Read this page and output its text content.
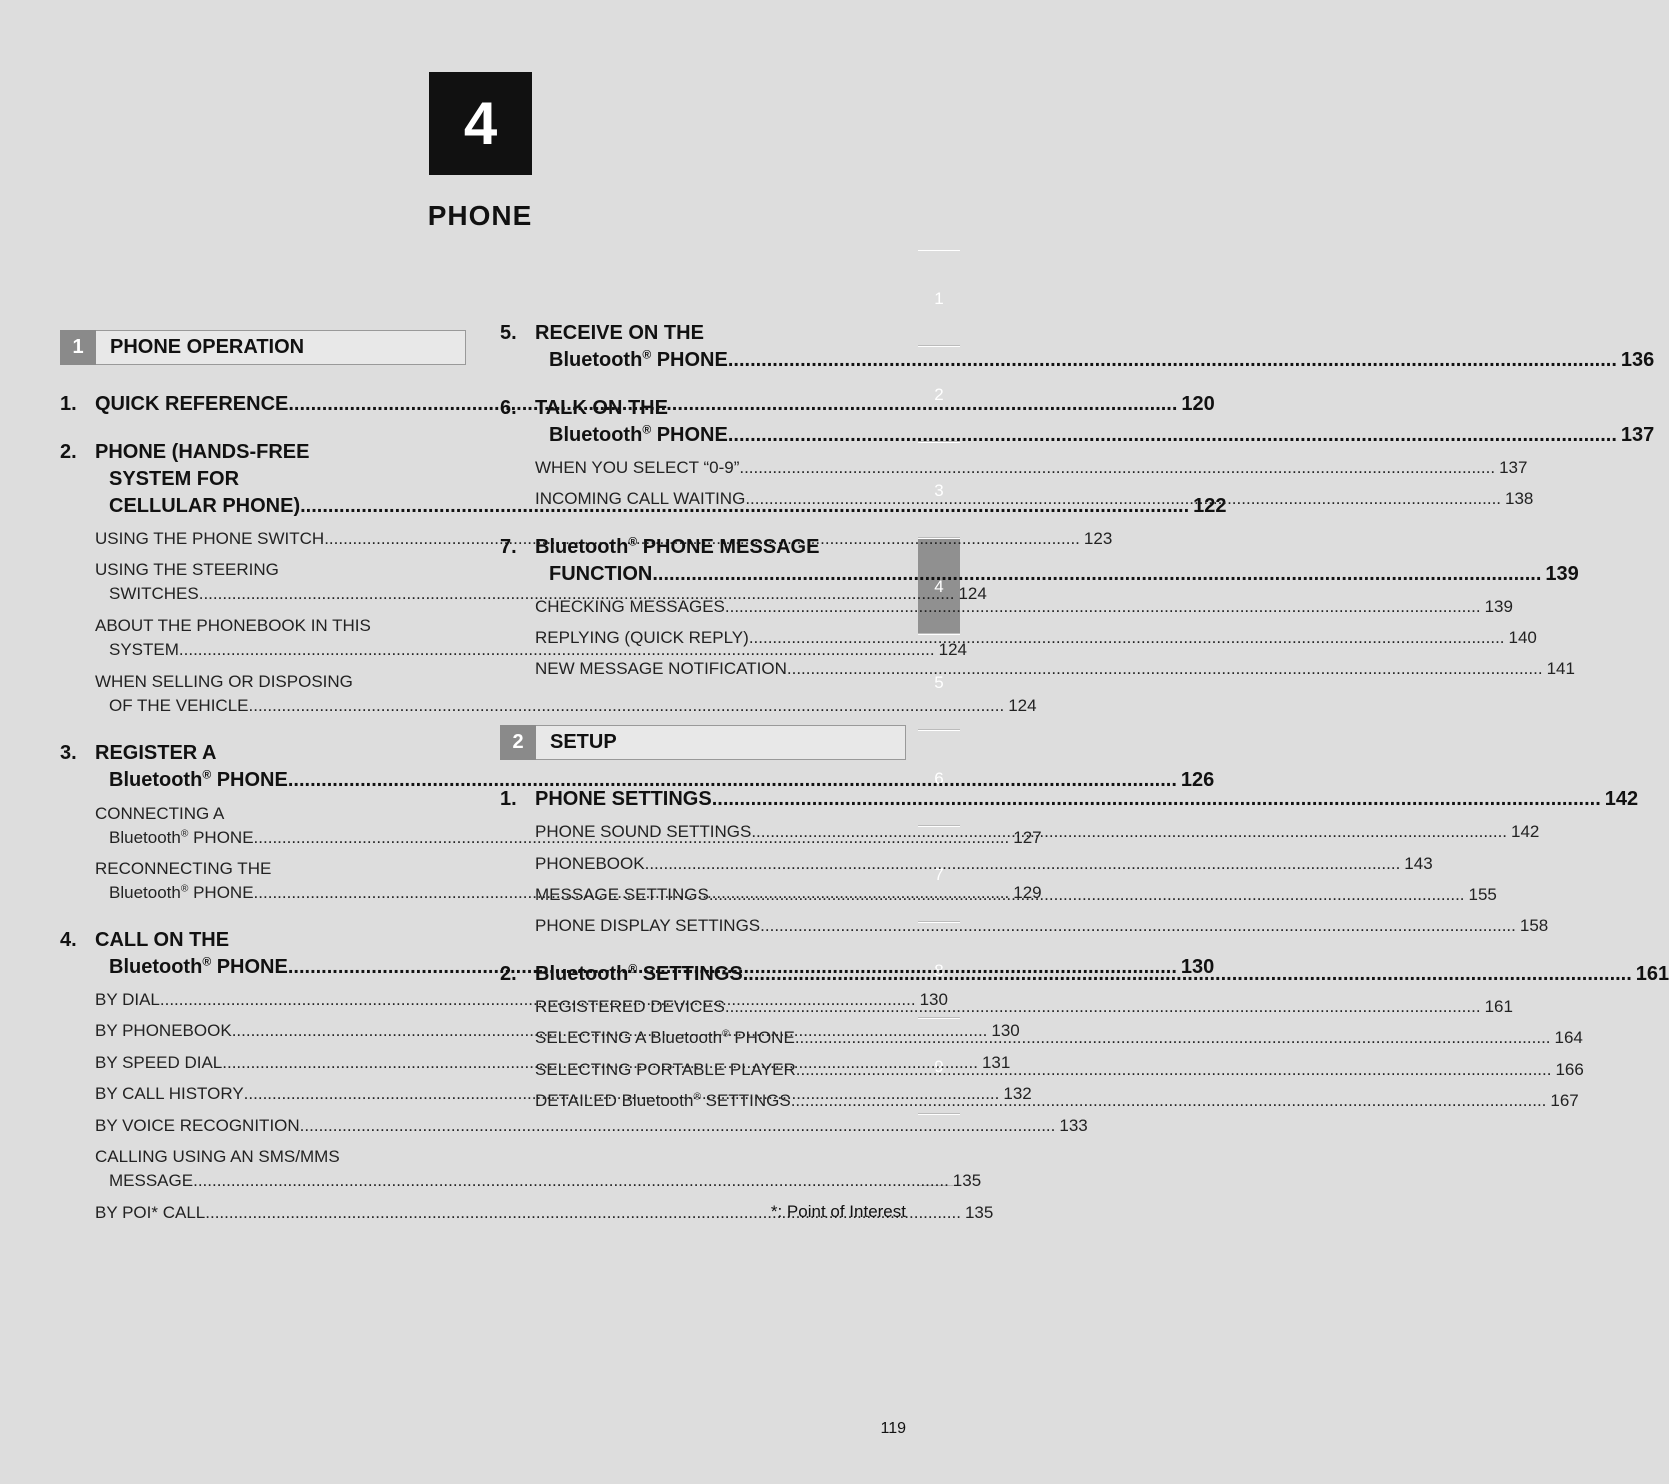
4
PHONE
1
2
3
4
5
6
7
8
9
1	PHONE OPERATION
1. QUICK REFERENCE .....	120
2. PHONE (HANDS-FREE
SYSTEM FOR
CELLULAR PHONE) .....	122
USING THE PHONE SWITCH .....	123
USING THE STEERING
SWITCHES .....	124
ABOUT THE PHONEBOOK IN THIS
SYSTEM .....	124
WHEN SELLING OR DISPOSING
OF THE VEHICLE .....	124
3. REGISTER A
Bluetooth® PHONE .....	126
CONNECTING A
Bluetooth® PHONE .....	127
RECONNECTING THE
Bluetooth® PHONE .....	129
4. CALL ON THE
Bluetooth® PHONE .....	130
BY DIAL .....	130
BY PHONEBOOK .....	130
BY SPEED DIAL .....	131
BY CALL HISTORY .....	132
BY VOICE RECOGNITION .....	133
CALLING USING AN SMS/MMS
MESSAGE .....	135
BY POI* CALL .....	135
5. RECEIVE ON THE
Bluetooth® PHONE .....	136
6. TALK ON THE
Bluetooth® PHONE .....	137
WHEN YOU SELECT “0-9” .....	137
INCOMING CALL WAITING .....	138
7. Bluetooth® PHONE MESSAGE
FUNCTION .....	139
CHECKING MESSAGES .....	139
REPLYING (QUICK REPLY) .....	140
NEW MESSAGE NOTIFICATION .....	141
2	SETUP
1. PHONE SETTINGS .....	142
PHONE SOUND SETTINGS .....	142
PHONEBOOK .....	143
MESSAGE SETTINGS .....	155
PHONE DISPLAY SETTINGS .....	158
2. Bluetooth® SETTINGS .....	161
REGISTERED DEVICES .....	161
SELECTING A Bluetooth® PHONE .....	164
SELECTING PORTABLE PLAYER .....	166
DETAILED Bluetooth® SETTINGS .....	167
*: Point of Interest
119
